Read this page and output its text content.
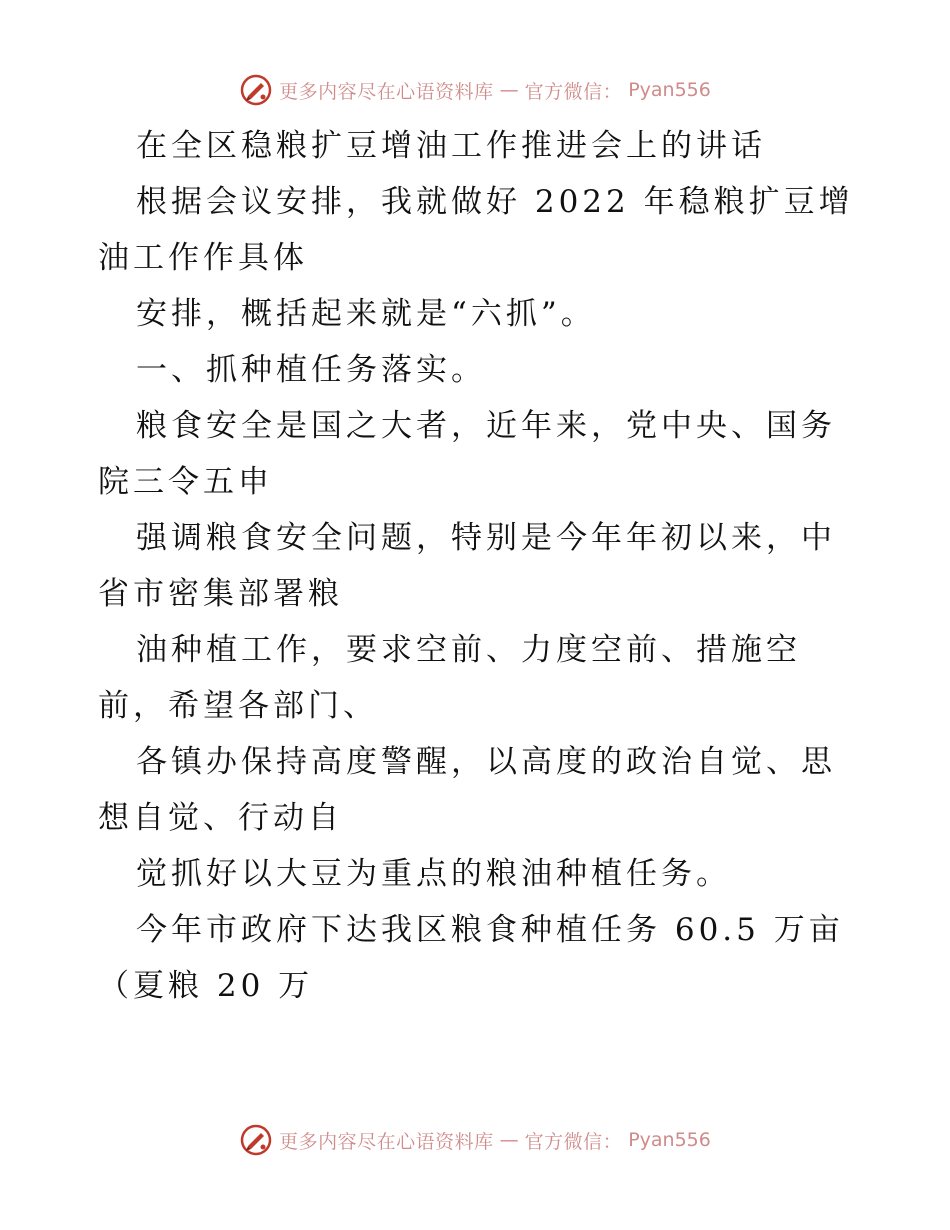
更多内容尽在心语资料库 — 官方微信： Pyan556

在全区稳粮扩豆增油工作推进会上的讲话

根据会议安排，我就做好 2022 年稳粮扩豆增油工作作具体

安排，概括起来就是“六抓”。

一、抓种植任务落实。

粮食安全是国之大者，近年来，党中央、国务院三令五申

强调粮食安全问题，特别是今年年初以来，中省市密集部署粮

油种植工作，要求空前、力度空前、措施空前，希望各部门、

各镇办保持高度警醒，以高度的政治自觉、思想自觉、行动自

觉抓好以大豆为重点的粮油种植任务。

今年市政府下达我区粮食种植任务 60.5 万亩（夏粮 20 万

更多内容尽在心语资料库 — 官方微信： Pyan556
